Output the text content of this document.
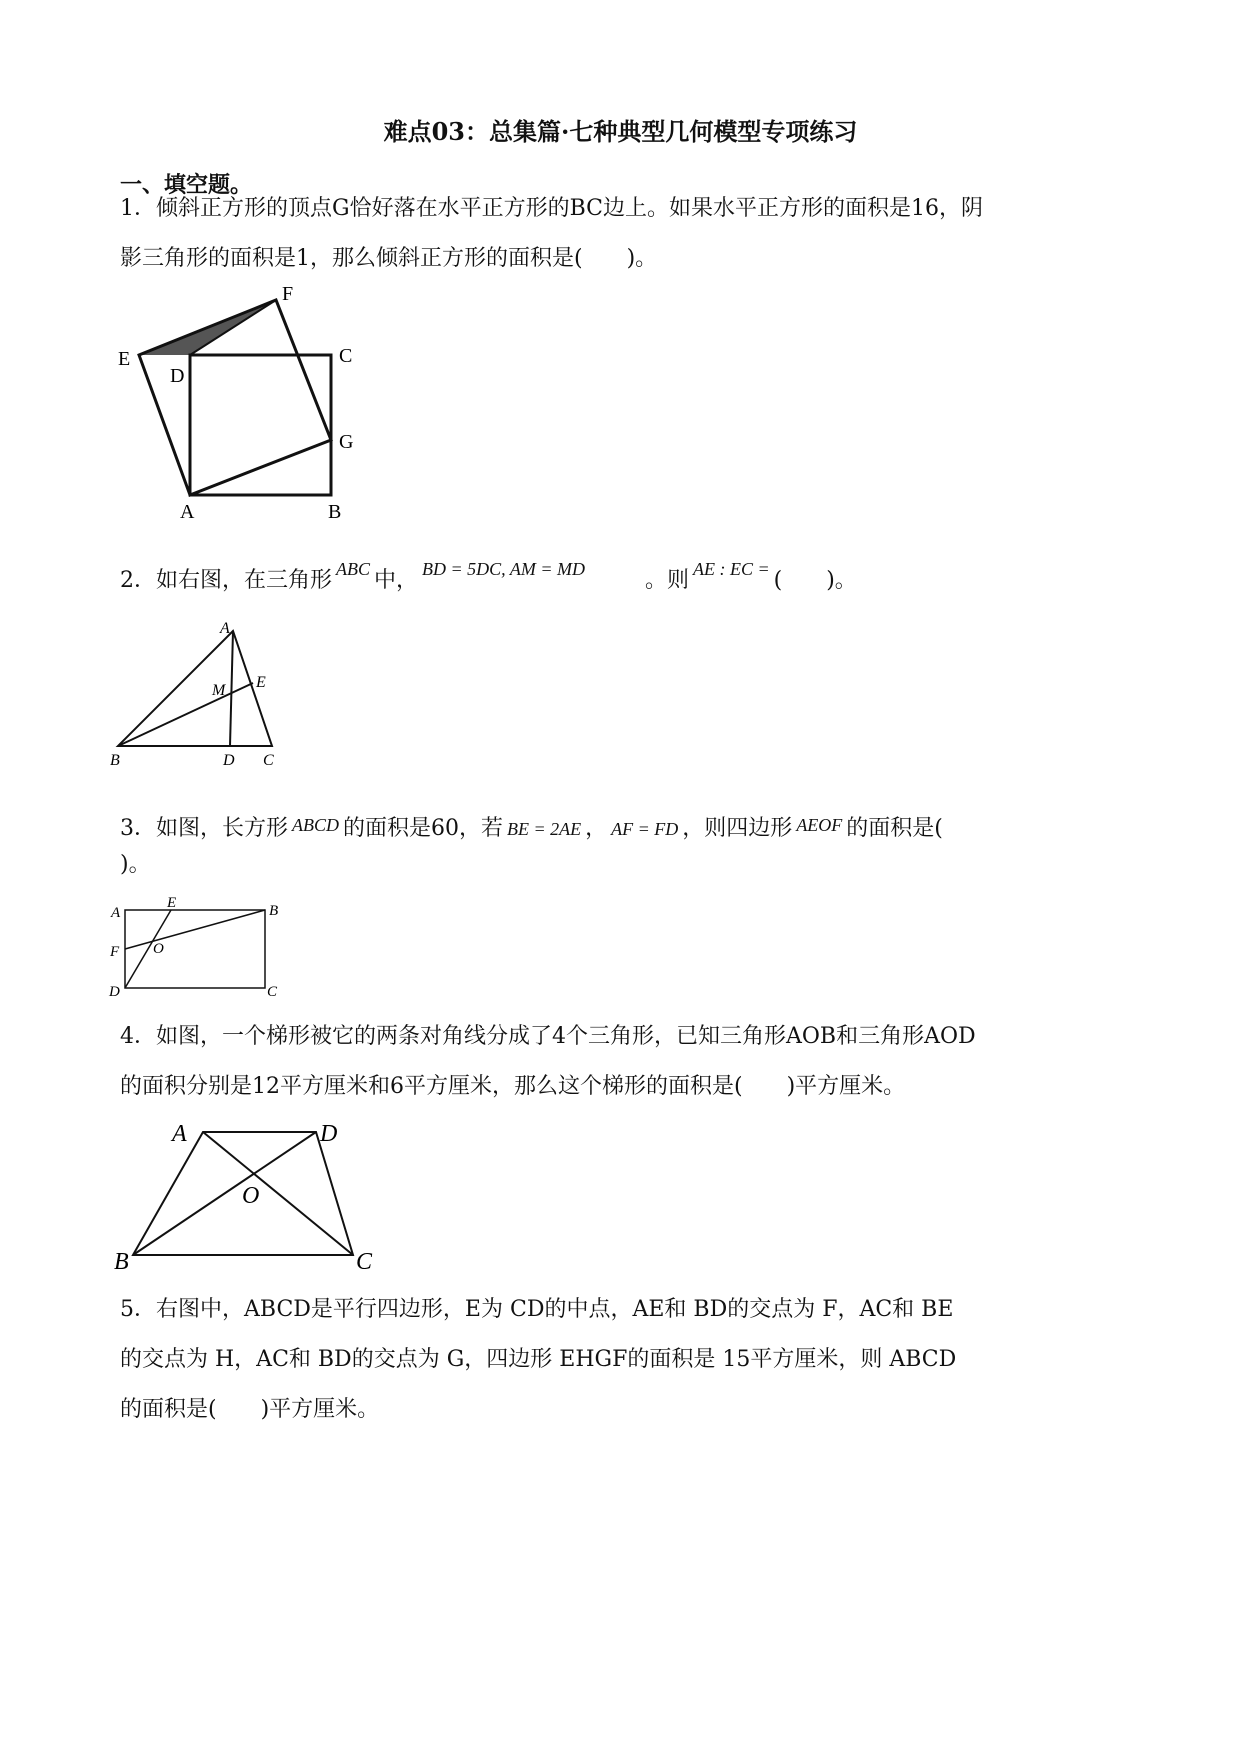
难点03：总集篇·七种典型几何模型专项练习
一、填空题。
1．倾斜正方形的顶点G恰好落在水平正方形的BC边上。如果水平正方形的面积是16，阴
影三角形的面积是1，那么倾斜正方形的面积是(　　)。
E
F
D
C
G
A	B
2．如右图，在三角形 $^{ABC}$ 中， $^{BD = 5DC, AM = MD}$	。则 $^{AE : EC =}$ (　　)。
A
M E
B	D C
3．如图，长方形 ABCD 的面积是60，若 BE = 2AE ， AF = FD ，则四边形 AEOF 的面积是(
)。
A
E	B
F O
D	C
4．如图，一个梯形被它的两条对角线分成了4个三角形，已知三角形AOB和三角形AOD
的面积分别是12平方厘米和6平方厘米，那么这个梯形的面积是(　　)平方厘米。
A	D
O
B	C
5．右图中，ABCD是平行四边形，E为 CD的中点，AE和 BD的交点为 F，AC和 BE
的交点为 H，AC和 BD的交点为 G，四边形 EHGF的面积是 15平方厘米，则 ABCD
的面积是(　　)平方厘米。
